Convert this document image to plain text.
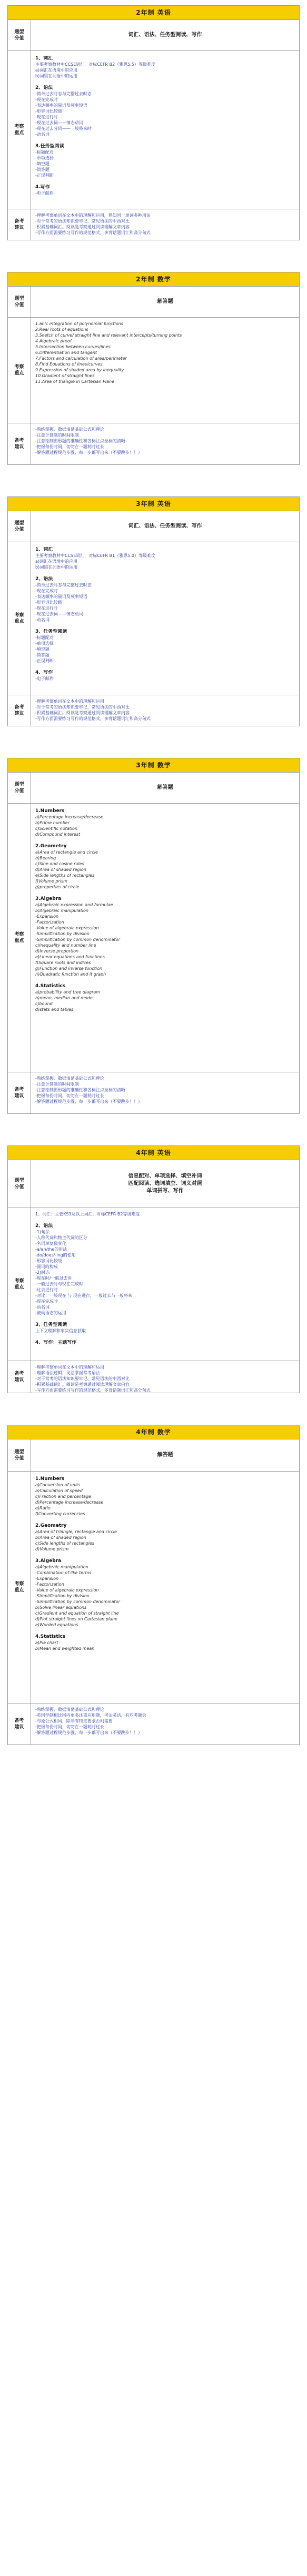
2年制 英语
题型
分值
词汇、语法、任务型阅读、写作
考察
重点
1、词汇
主要考察教材中CCSE词汇，对标CEFR B2（雅思5.5）等级难度
a)词汇在语境中的应用
b)词缀在词语中的运用
2、语法
-简单过去时态与完整过去时态
-现在完成时
-表达频率的副词及频率短语
-形容词比较级
-现在进行时
-现在过去词——情态动词
-现在过去分词——一般将来时
-动名词
3.任务型阅读
-标题配对
-单项选择
-填空题
-简答题
-正误判断
4.写作
-电子邮件
备考
建议
-理解考察单词在文本中的理解和运用，熟知同一单词多种用法
-对于常考的语法知识要牢记，常见语法的中西对比
-积累基础词汇。阅读是考察通过阅读理解文章内容
-写作方面需要练习写作的规范格式，多背话题词汇和高分句式
2年制 数学
题型
分值
解答题
考察
重点
1.anic integration of polynomial functions
2.Real roots of equations
3.Sketch of curve/ straight line and relevant intercepts/turning points
4.Algebraic proof
5.Intersection between curves/lines
6.Differentiation and tangent
7.Factors and calculation of area/perimeter
8.Find Equations of lines/curves
9.Expression of shaded area by inequality
10.Gradient of straight lines
11.Area of triangle in Cartesian Plane
备考
建议
-熟练掌握、数据清楚基础公式和理论
-注意计算题的时间限制
-注意绘制图形题的准确性和各标注点坐标的清晰
-把握每份时间，切勿在一题耗时过长
-解答题过程规范步骤，每一步都写出来（不要跳步！！）
3年制 英语
题型
分值
词汇、语法、任务型阅读、写作
考察
重点
1、词汇
主要考察教材中CCSE词汇，对标CEFR B1（雅思5.0）等级难度
a)词汇在语境中的应用
b)词缀在词语中的运用
2、语法
-简单过去时态与完整过去时态
-现在完成时
-表达频率的副词及频率短语
-形容词比较级
-现在进行时
-现在过去词——情态动词
-动名词
3、任务型阅读
-标题配对
-单项选择
-填空题
-简答题
-正误判断
4、写作
-电子邮件
备考
建议
-理解考察单词在文本中的理解和运用
-对于常考的语法知识要牢记，常见语法的中西对比
-积累基础词汇。阅读是考察通过阅读理解文章内容
-写作方面需要练习写作的规范格式，多背话题词汇和高分句式
3年制 数学
题型
分值
解答题
考察
重点
1.Numbers
a)Percentage increase/decrease
b)Prime number
c)Scientific notation
d)Compound interest
2.Geometry
a)Area of rectangle and circle
b)Bearing
c)Sine and cosine rules
d)Area of shaded region
e)Side lengths of rectangles
f)Volume prism
g)properties of circle
3.Algebra
a)Algebraic expression and formulae
b)Algebraic manipulation
-Expansion
-Factorization
-Value of algebraic expression
-Simplification by division
-Simplification by common denominator
c)Inequality and number line
d)Inverse proportion
e)Linear equations and functions
f)Square roots and indices
g)Function and inverse function
h)Quadratic function and it graph
4.Statistics
a)probability and tree diagram
b)mean, median and mode
c)bound
d)stats and tables
备考
建议
-熟练掌握、数据清楚基础公式和理论
-注意计算题的时间限制
-注意绘制图形题的准确性和各标注点坐标的清晰
-把握每份时间，切勿在一题耗时过长
-解答题过程规范步骤，每一步都写出来（不要跳步！！）
4年制 英语
题型
分值
信息配对、单项选择、填空补词
匹配阅读、选词填空、词义对照
单词拼写、写作
考察
重点
1、词汇：主要KS3及以上词汇，对标CEFR B2等级难度
2、语法
-1)句法
-人称代词和物主代词的区分
-名词单复数变化
-a/an/the的用法
-do/does/-ing的使用
-形容词比较级
-副词的构成
-2)时态
-现在时/一般过去时
-一般过去时与现在完成时
-过去进行时
-对比：一般现在 与 现在进行，一般过去与一般将来
-现在完成时
-动名词
-被动语态的运用
3、任务型阅读
上下文理解和事实信息获取
4、写作：主题写作
备考
建议
-理解考察单词在文本中的理解和运用
-理解语法逻辑，灵活掌握常考语法
-对于常考的语法知识要牢记，常见语法的中西对比
-积累基础词汇。阅读是考察通过阅读理解文章内容
-写作方面需要练习写作的规范格式，多背话题词汇和高分句式
4年制 数学
题型
分值
解答题
考察
重点
1.Numbers
a)Conversion of units
b)Calculation of speed
c)Fraction and percentage
d)Percentage increase/decrease
e)Ratio
f)Converting currencies
2.Geometry
a)Area of triangle, rectangle and circle
b)Area of shaded region
c)Side lengths of rectangles
d)Volume prism
3.Algebra
a)Algebraic manipulation
-Combination of like terms
-Expansion
-Factorization
-Value of algebraic expression
-Simplification by division
-Simplification by common denominator
b)Solve linear equations
c)Gradient and equation of straight line
d)Plot straight lines on Cartesian plane
e)Worded equations
4.Statistics
a)Pie chart
b)Mean and weighted mean
备考
建议
-熟练掌握、数据清楚基础公式和理论
-英国学制相比国内更多注重应用题，考法灵活，有些考题会
-与原公式相同，除非有特定要求否则需要
-把握每份时间，切勿在一题耗时过长
-解答题过程规范步骤，每一步都写出来（不要跳步！！）
